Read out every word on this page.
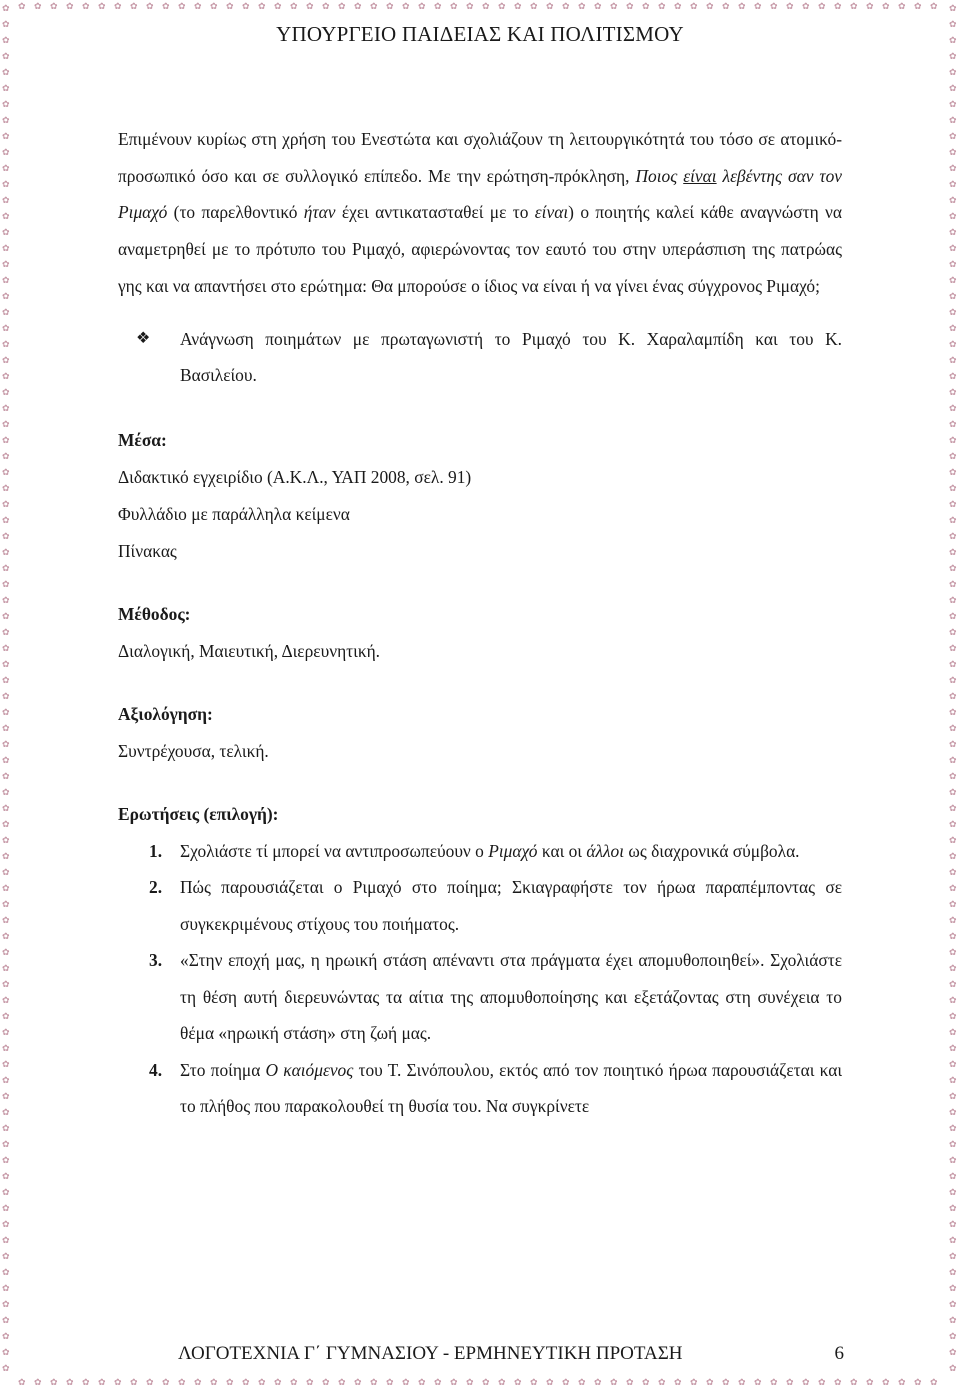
✿	✿
✿	✿
✿	✿
✿	✿
✿	✿
✿	✿
✿	✿
✿	✿
✿	✿
✿	✿
✿	✿
✿	✿
✿	✿
✿	✿
✿	✿
✿	✿
✿	✿
✿	✿
✿	✿
✿	✿
✿	✿
✿	✿
✿	✿
✿	✿
✿	✿
✿	✿
✿	✿
✿	✿
✿	✿
✿	✿
✿	✿
✿	✿
✿	✿
✿	✿
✿	✿
✿	✿
✿	✿
✿	✿
✿	✿
✿	✿
✿	✿
✿	✿
✿	✿
✿	✿
✿	✿
✿	✿
✿	✿
✿	✿
✿	✿
✿	✿
✿	✿
✿	✿
✿	✿
✿	✿
✿	✿
✿	✿
✿	✿
✿	✿
✿	✿
✿	✿
✿	✿
✿	✿
✿	✿
✿	✿
✿	✿
✿	✿
✿	✿
✿	✿
✿	✿
✿	✿
✿	✿
✿	✿
✿	✿
✿	✿
✿	✿
✿	✿
✿	✿
✿	✿
✿	✿
✿	✿
✿	✿
✿	✿
✿	✿
✿	✿
✿	✿
✿	✿
✿
✿
✿
✿
✿
✿
✿
✿
✿
✿
✿
✿
✿
✿
✿
✿
✿
✿
✿
✿
✿
✿
✿
✿
✿
✿
✿
✿
✿
✿
✿
✿
✿
✿
✿
✿
✿
✿
✿
✿
✿
✿
✿
✿
✿
✿
✿
✿
✿
✿
✿
✿
✿
✿
✿
✿
✿
✿
✿
✿
✿
✿
✿
✿
✿
✿
✿
✿
✿
✿
✿
✿
✿
✿
✿
✿
✿
✿
✿
✿
✿
✿
✿
✿
✿
✿
✿
✿
✿
✿
✿
✿
✿
✿
✿
✿
✿
✿
✿
✿
✿
✿
✿
✿
✿
✿
✿
✿
✿
✿
✿
✿
✿
✿
✿
✿
ΥΠΟΥΡΓΕΙΟ ΠΑΙΔΕΙΑΣ ΚΑΙ ΠΟΛΙΤΙΣΜΟΥ

Επιμένουν κυρίως στη χρήση του Ενεστώτα και σχολιάζουν τη λειτουργικότητά του τόσο σε ατομικό-προσωπικό όσο και σε συλλογικό επίπεδο. Με την ερώτηση-πρόκληση, Ποιος είναι λεβέντης σαν τον Ριμαχό (το παρελθοντικό ήταν έχει αντικατασταθεί με το είναι) ο ποιητής καλεί κάθε αναγνώστη να αναμετρηθεί με το πρότυπο του Ριμαχό, αφιερώνοντας τον εαυτό του στην υπεράσπιση της πατρώας γης και να απαντήσει στο ερώτημα: Θα μπορούσε ο ίδιος να είναι ή να γίνει ένας σύγχρονος Ριμαχό;

❖ Ανάγνωση ποιημάτων με πρωταγωνιστή το Ριμαχό του Κ. Χαραλαμπίδη και του Κ. Βασιλείου.
Μέσα:
Διδακτικό εγχειρίδιο (Α.Κ.Λ., ΥΑΠ 2008, σελ. 91)
Φυλλάδιο με παράλληλα κείμενα
Πίνακας
Μέθοδος:
Διαλογική, Μαιευτική, Διερευνητική.
Αξιολόγηση:
Συντρέχουσα, τελική.
Ερωτήσεις (επιλογή):
1. Σχολιάστε τί μπορεί να αντιπροσωπεύουν ο Ριμαχό και οι άλλοι ως διαχρονικά σύμβολα.
2. Πώς παρουσιάζεται ο Ριμαχό στο ποίημα; Σκιαγραφήστε τον ήρωα παραπέμποντας σε συγκεκριμένους στίχους του ποιήματος.
3. «Στην εποχή μας, η ηρωική στάση απέναντι στα πράγματα έχει απομυθοποιηθεί». Σχολιάστε τη θέση αυτή διερευνώντας τα αίτια της απομυθοποίησης και εξετάζοντας στη συνέχεια το θέμα «ηρωική στάση» στη ζωή μας.
4. Στο ποίημα Ο καιόμενος του Τ. Σινόπουλου, εκτός από τον ποιητικό ήρωα παρουσιάζεται και το πλήθος που παρακολουθεί τη θυσία του. Να συγκρίνετε
ΛΟΓΟΤΕΧΝΙΑ Γ΄ ΓΥΜΝΑΣΙΟΥ - ΕΡΜΗΝΕΥΤΙΚΗ ΠΡΟΤΑΣΗ	6
